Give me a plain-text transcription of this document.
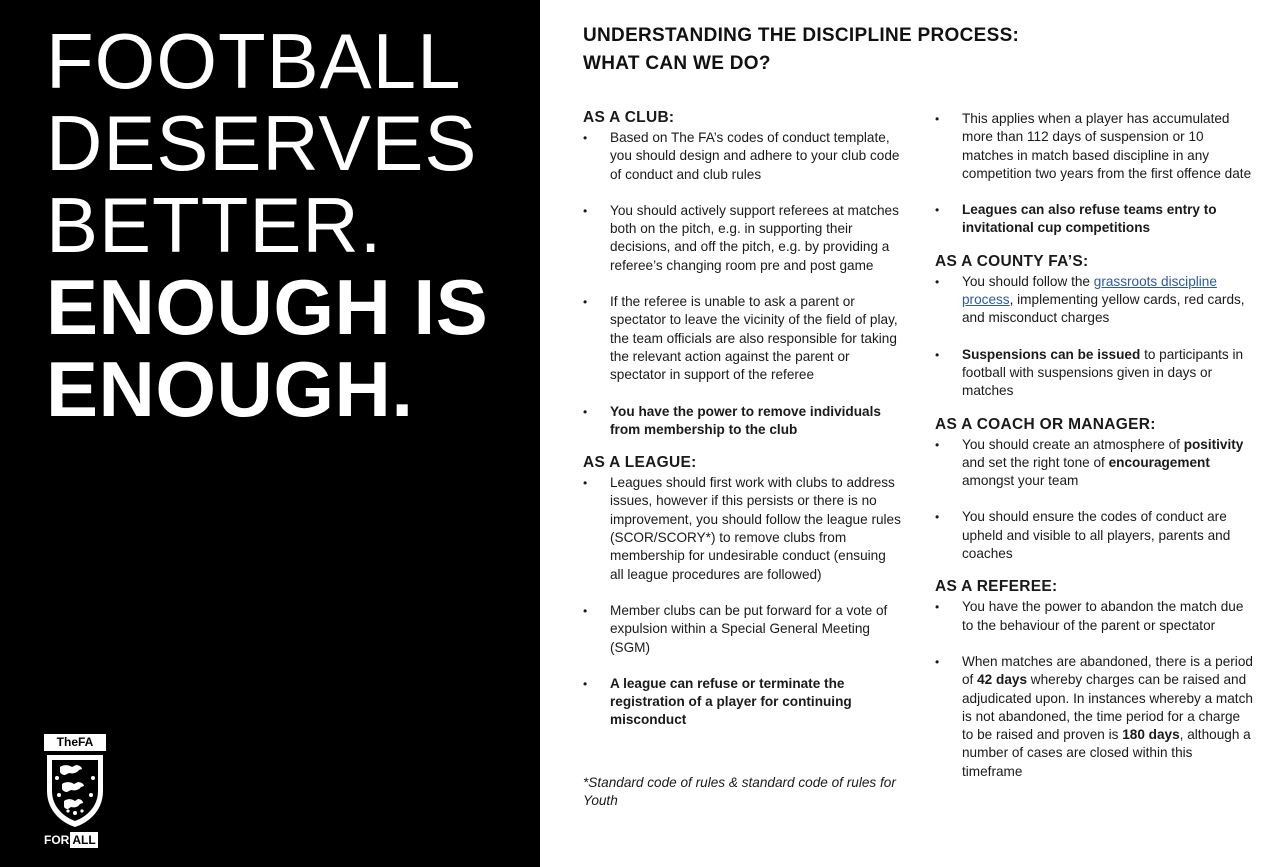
FOOTBALL
DESERVES
BETTER.
ENOUGH IS
ENOUGH.
TheFA
FOR ALL
UNDERSTANDING THE DISCIPLINE PROCESS:
WHAT CAN WE DO?
AS A CLUB:
• Based on The FA’s codes of conduct template, you should design and adhere to your club code of conduct and club rules
• You should actively support referees at matches both on the pitch, e.g. in supporting their decisions, and off the pitch, e.g. by providing a referee’s changing room pre and post game
• If the referee is unable to ask a parent or spectator to leave the vicinity of the field of play, the team officials are also responsible for taking the relevant action against the parent or spectator in support of the referee
• You have the power to remove individuals from membership to the club
AS A LEAGUE:
• Leagues should first work with clubs to address issues, however if this persists or there is no improvement, you should follow the league rules (SCOR/SCORY*) to remove clubs from membership for undesirable conduct (ensuing all league procedures are followed)
• Member clubs can be put forward for a vote of expulsion within a Special General Meeting (SGM)
• A league can refuse or terminate the registration of a player for continuing misconduct
*Standard code of rules & standard code of rules for Youth
• This applies when a player has accumulated more than 112 days of suspension or 10 matches in match based discipline in any competition two years from the first offence date
• Leagues can also refuse teams entry to invitational cup competitions
AS A COUNTY FA’S:
• You should follow the grassroots discipline process, implementing yellow cards, red cards, and misconduct charges
• Suspensions can be issued to participants in football with suspensions given in days or matches
AS A COACH OR MANAGER:
• You should create an atmosphere of positivity and set the right tone of encouragement amongst your team
• You should ensure the codes of conduct are upheld and visible to all players, parents and coaches
AS A REFEREE:
• You have the power to abandon the match due to the behaviour of the parent or spectator
• When matches are abandoned, there is a period of 42 days whereby charges can be raised and adjudicated upon. In instances whereby a match is not abandoned, the time period for a charge to be raised and proven is 180 days, although a number of cases are closed within this timeframe
